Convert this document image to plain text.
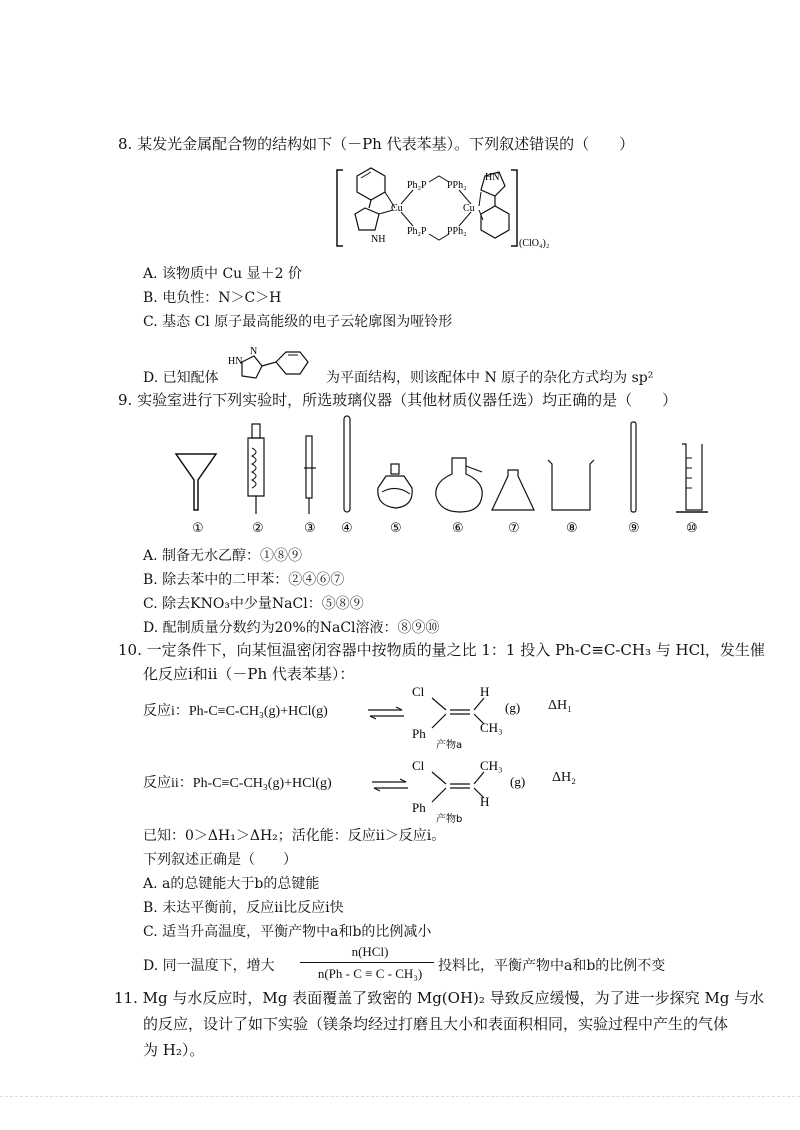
8. 某发光金属配合物的结构如下（－Ph 代表苯基）。下列叙述错误的（　　）
Cu	Cu
Ph₂P PPh₂
Ph₂P PPh₂
NH
HN
(ClO₄)₂
A. 该物质中 Cu 显＋2 价
B. 电负性：N＞C＞H
C. 基态 Cl 原子最高能级的电子云轮廓图为哑铃形
D. 已知配体
HN
N
为平面结构，则该配体中 N 原子的杂化方式均为 sp²
9. 实验室进行下列实验时，所选玻璃仪器（其他材质仪器任选）均正确的是（　　）
①	②	③ ④	⑤	⑥	⑦	⑧	⑨	⑩
A. 制备无水乙醇：①⑧⑨
B. 除去苯中的二甲苯：②④⑥⑦
C. 除去KNO₃中少量NaCl：⑤⑧⑨
D. 配制质量分数约为20%的NaCl溶液：⑧⑨⑩
10. 一定条件下，向某恒温密闭容器中按物质的量之比 1：1 投入 Ph-C≡C-CH₃ 与 HCl，发生催
化反应i和ii（－Ph 代表苯基）：
反应i：Ph-C≡C-CH₃(g)+HCl(g)
Cl	H
Ph	CH₃
(g)
产物a
ΔH₁
反应ii：Ph-C≡C-CH₃(g)+HCl(g)
Cl	CH₃
Ph	H
(g)
产物b
ΔH₂
已知：0＞ΔH₁＞ΔH₂；活化能：反应ii＞反应i。
下列叙述正确是（　　）
A. a的总键能大于b的总键能
B. 未达平衡前，反应ii比反应i快
C. 适当升高温度，平衡产物中a和b的比例减小
D. 同一温度下，增大
n(HCl)
n(Ph - C ≡ C - CH₃)	投料比，平衡产物中a和b的比例不变
11. Mg 与水反应时，Mg 表面覆盖了致密的 Mg(OH)₂ 导致反应缓慢，为了进一步探究 Mg 与水
的反应，设计了如下实验（镁条均经过打磨且大小和表面积相同，实验过程中产生的气体
为 H₂）。
